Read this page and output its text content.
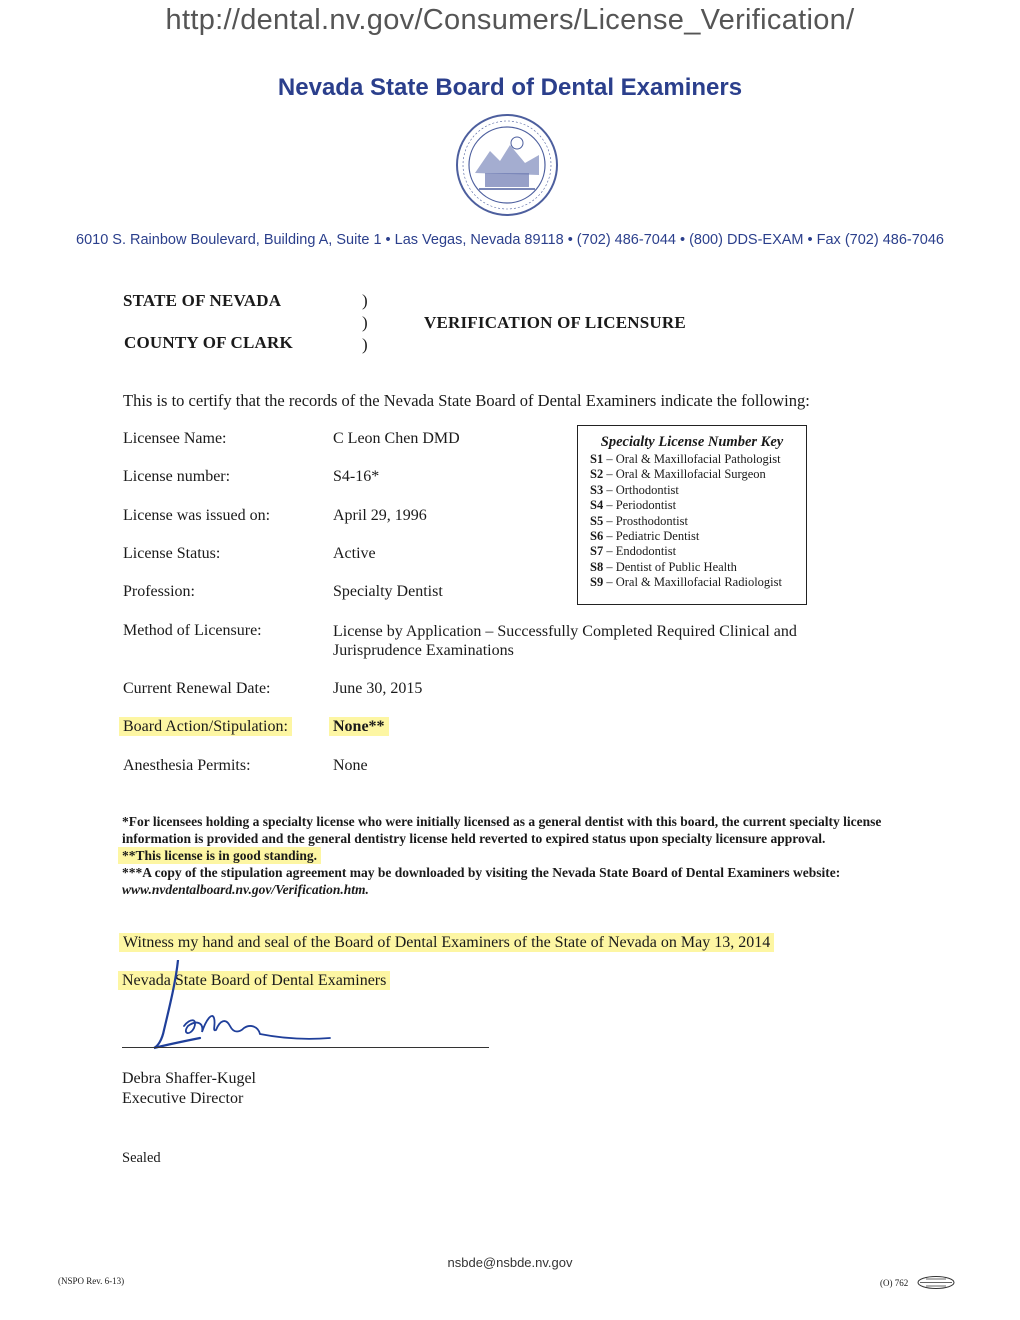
http://dental.nv.gov/Consumers/License_Verification/
Nevada State Board of Dental Examiners
6010 S. Rainbow Boulevard, Building A, Suite 1 • Las Vegas, Nevada 89118 • (702) 486-7044 • (800) DDS-EXAM • Fax (702) 486-7046
STATE OF NEVADA
COUNTY OF CLARK
)
)
)
VERIFICATION OF LICENSURE
This is to certify that the records of the Nevada State Board of Dental Examiners indicate the following:
Licensee Name:	C Leon Chen DMD
License number:	S4-16*
License was issued on:	April 29, 1996
License Status:	Active
Profession:	Specialty Dentist
Method of Licensure:	License by Application – Successfully Completed Required Clinical and
Jurisprudence Examinations
Current Renewal Date:	June 30, 2015
Board Action/Stipulation:	None**
Anesthesia Permits:	None
Specialty License Number Key
S1 – Oral & Maxillofacial Pathologist
S2 – Oral & Maxillofacial Surgeon
S3 – Orthodontist
S4 – Periodontist
S5 – Prosthodontist
S6 – Pediatric Dentist
S7 – Endodontist
S8 – Dentist of Public Health
S9 – Oral & Maxillofacial Radiologist
*For licensees holding a specialty license who were initially licensed as a general dentist with this board, the current specialty license information is provided and the general dentistry license held reverted to expired status upon specialty licensure approval.
**This license is in good standing.
***A copy of the stipulation agreement may be downloaded by visiting the Nevada State Board of Dental Examiners website: www.nvdentalboard.nv.gov/Verification.htm.
Witness my hand and seal of the Board of Dental Examiners of the State of Nevada on May 13, 2014
Nevada State Board of Dental Examiners
Debra Shaffer-Kugel
Executive Director
Sealed
nsbde@nsbde.nv.gov
(NSPO Rev. 6-13)	(O) 762
